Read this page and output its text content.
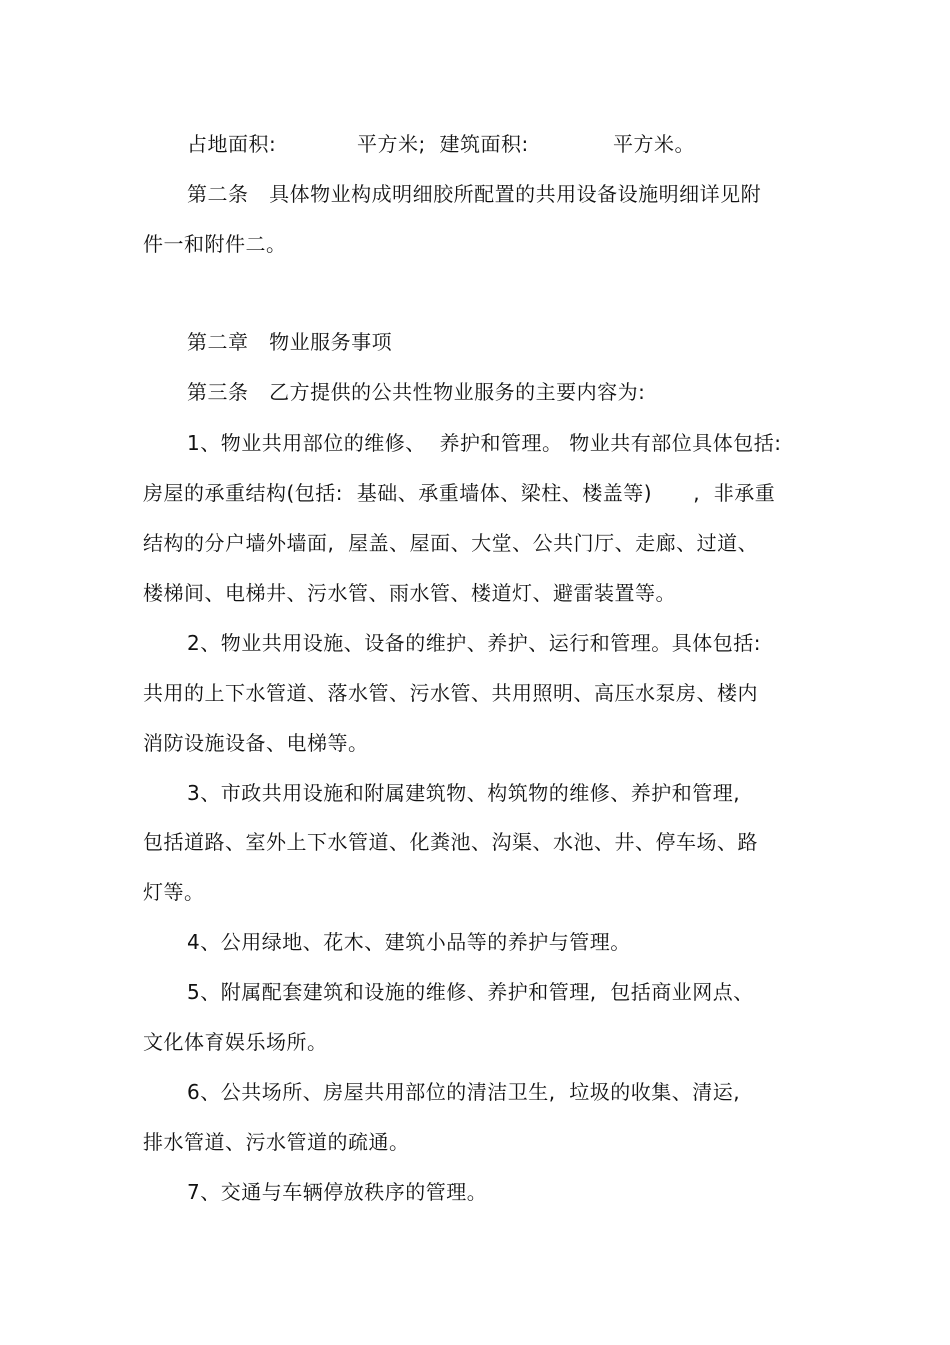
占地面积:	平方米;  建筑面积:	平方米。
第二条   具体物业构成明细胶所配置的共用设备设施明细详见附
件一和附件二。
第二章   物业服务事项
第三条   乙方提供的公共性物业服务的主要内容为:
1、物业共用部位的维修、  养护和管理。 物业共有部位具体包括:
房屋的承重结构(包括:  基础、承重墙体、梁柱、楼盖等)      ,  非承重
结构的分户墙外墙面,  屋盖、屋面、大堂、公共门厅、走廊、过道、
楼梯间、电梯井、污水管、雨水管、楼道灯、避雷装置等。
2、物业共用设施、设备的维护、养护、运行和管理。具体包括:
共用的上下水管道、落水管、污水管、共用照明、高压水泵房、楼内
消防设施设备、电梯等。
3、市政共用设施和附属建筑物、构筑物的维修、养护和管理,
包括道路、室外上下水管道、化粪池、沟渠、水池、井、停车场、路
灯等。
4、公用绿地、花木、建筑小品等的养护与管理。
5、附属配套建筑和设施的维修、养护和管理,  包括商业网点、
文化体育娱乐场所。
6、公共场所、房屋共用部位的清洁卫生,  垃圾的收集、清运,
排水管道、污水管道的疏通。
7、交通与车辆停放秩序的管理。
